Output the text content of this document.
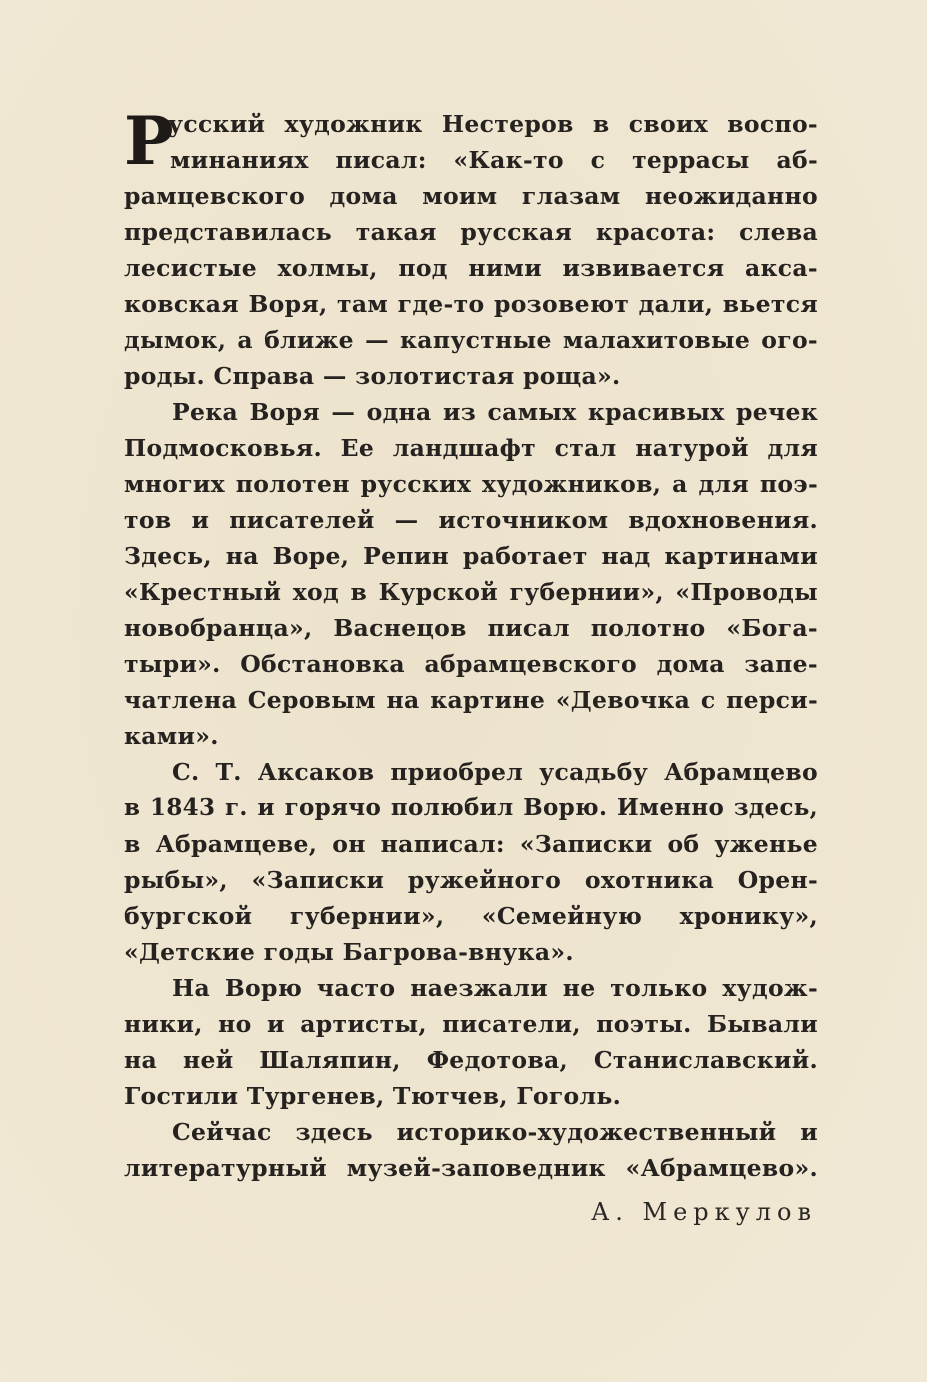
Р
усский художник Нестеров в своих воспо-
минаниях писал: «Как-то с террасы аб-
рамцевского дома моим глазам неожиданно
представилась такая русская красота: слева
лесистые холмы, под ними извивается акса-
ковская Воря, там где-то розовеют дали, вьется
дымок, а ближе — капустные малахитовые ого-
роды. Справа — золотистая роща».
Река Воря — одна из самых красивых речек
Подмосковья. Ее ландшафт стал натурой для
многих полотен русских художников, а для поэ-
тов и писателей — источником вдохновения.
Здесь, на Воре, Репин работает над картинами
«Крестный ход в Курской губернии», «Проводы
новобранца», Васнецов писал полотно «Бога-
тыри». Обстановка абрамцевского дома запе-
чатлена Серовым на картине «Девочка с перси-
ками».
С. Т. Аксаков приобрел усадьбу Абрамцево
в 1843 г. и горячо полюбил Ворю. Именно здесь,
в Абрамцеве, он написал: «Записки об уженье
рыбы», «Записки ружейного охотника Орен-
бургской губернии», «Семейную хронику»,
«Детские годы Багрова-внука».
На Ворю часто наезжали не только худож-
ники, но и артисты, писатели, поэты. Бывали
на ней Шаляпин, Федотова, Станиславский.
Гостили Тургенев, Тютчев, Гоголь.
Сейчас здесь историко-художественный и
литературный музей-заповедник «Абрамцево».
А. Меркулов
